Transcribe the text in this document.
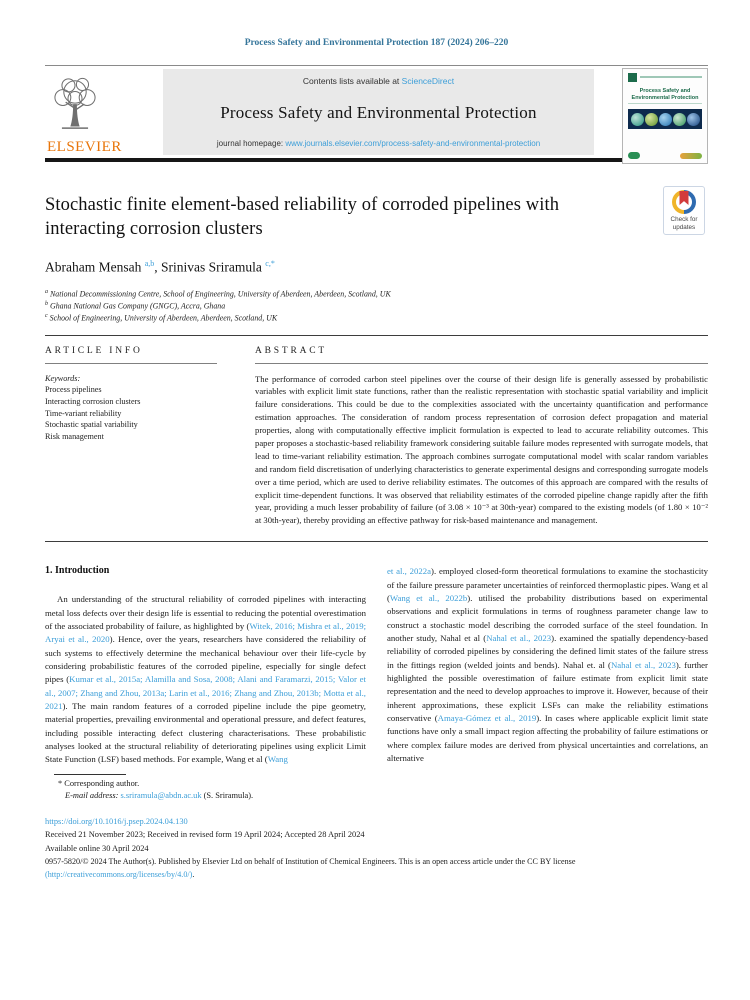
Process Safety and Environmental Protection 187 (2024) 206–220
ELSEVIER
Contents lists available at ScienceDirect
Process Safety and Environmental Protection
journal homepage: www.journals.elsevier.com/process-safety-and-environmental-protection
Process Safety and Environmental Protection
Stochastic finite element-based reliability of corroded pipelines with interacting corrosion clusters	Check for updates
Abraham Mensah $^{a,b}$, Srinivas Sriramula $^{c,*}$
$^a$ National Decommissioning Centre, School of Engineering, University of Aberdeen, Aberdeen, Scotland, UK
$^b$ Ghana National Gas Company (GNGC), Accra, Ghana
$^c$ School of Engineering, University of Aberdeen, Aberdeen, Scotland, UK
ARTICLE INFO
Keywords:
Process pipelines
Interacting corrosion clusters
Time-variant reliability
Stochastic spatial variability
Risk management
ABSTRACT
The performance of corroded carbon steel pipelines over the course of their design life is generally assessed by probabilistic variables with explicit limit state functions, rather than the realistic representation with stochastic spatial variability and implicit failure considerations. This could be due to the complexities associated with the uncertainty quantification and performance estimation approaches. The consideration of random process representation of corrosion defect propagation and material properties, along with computationally effective implicit formulation is expected to lead to accurate reliability outcomes. This paper proposes a stochastic-based reliability framework considering suitable failure modes represented with surrogate models, that lead to time-variant reliability estimation. The approach combines surrogate computational model with scalar random variables and random field discretisation of underlying characteristics to generate experimental designs and corresponding surrogate models over a time period, which are used to derive reliability estimates. The outcomes of this approach are compared with the results of explicit time-dependent functions. It was observed that reliability estimates of the corroded pipeline change rapidly after the fifth year, providing a much lesser probability of failure (of 3.08 × 10⁻³ at 30th-year) compared to the existing models (of 1.80 × 10⁻² at 30th-year), thereby providing an effective pathway for risk-based maintenance and management.
1. Introduction
An understanding of the structural reliability of corroded pipelines with interacting metal loss defects over their design life is essential to reducing the potential overestimation of the associated probability of failure, as highlighted by (Witek, 2016; Mishra et al., 2019; Aryai et al., 2020). Hence, over the years, researchers have considered the reliability of such systems to effectively determine the mechanical behaviour over their life-cycle by considering probabilistic features of the corroded pipeline, especially for single defect pipes (Kumar et al., 2015a; Alamilla and Sosa, 2008; Alani and Faramarzi, 2015; Valor et al., 2007; Zhang and Zhou, 2013a; Larin et al., 2016; Zhang and Zhou, 2013b; Motta et al., 2021). The main random features of a corroded pipeline include the pipe geometry, material properties, prevailing environmental and operational pressure, and defect features, including possible interacting defect clustering characterisations. These probabilistic analyses looked at the structural reliability of deteriorating pipelines using explicit Limit State Function (LSF) based methods. For example, Wang et al (Wang
et al., 2022a). employed closed-form theoretical formulations to examine the stochasticity of the failure pressure parameter uncertainties of reinforced thermoplastic pipes. Wang et al (Wang et al., 2022b). utilised the probability distributions based on experimental observations and explicit formulations in terms of roughness parameter change law to construct a stochastic model describing the corroded surface of the steel foundation. In another study, Nahal et al (Nahal et al., 2023). examined the spatially dependency-based reliability of corroded pipelines by considering the defined limit states of the failure stress in the fittings region (welded joints and bends). Nahal et. al (Nahal et al., 2023). further highlighted the possible overestimation of failure estimate from explicit limit state representation and the need to develop approaches to improve it. However, because of their inherent approximations, these explicit LSFs can make the reliability estimations conservative (Amaya-Gómez et al., 2019). In cases where applicable explicit limit state functions have only a small impact region affecting the probability of failure estimations or where complex failure modes are derived from physical uncertainties and correlations, an alternative
* Corresponding author.
E-mail address: s.sriramula@abdn.ac.uk (S. Sriramula).
https://doi.org/10.1016/j.psep.2024.04.130
Received 21 November 2023; Received in revised form 19 April 2024; Accepted 28 April 2024
Available online 30 April 2024
0957-5820/© 2024 The Author(s). Published by Elsevier Ltd on behalf of Institution of Chemical Engineers. This is an open access article under the CC BY license (http://creativecommons.org/licenses/by/4.0/).
